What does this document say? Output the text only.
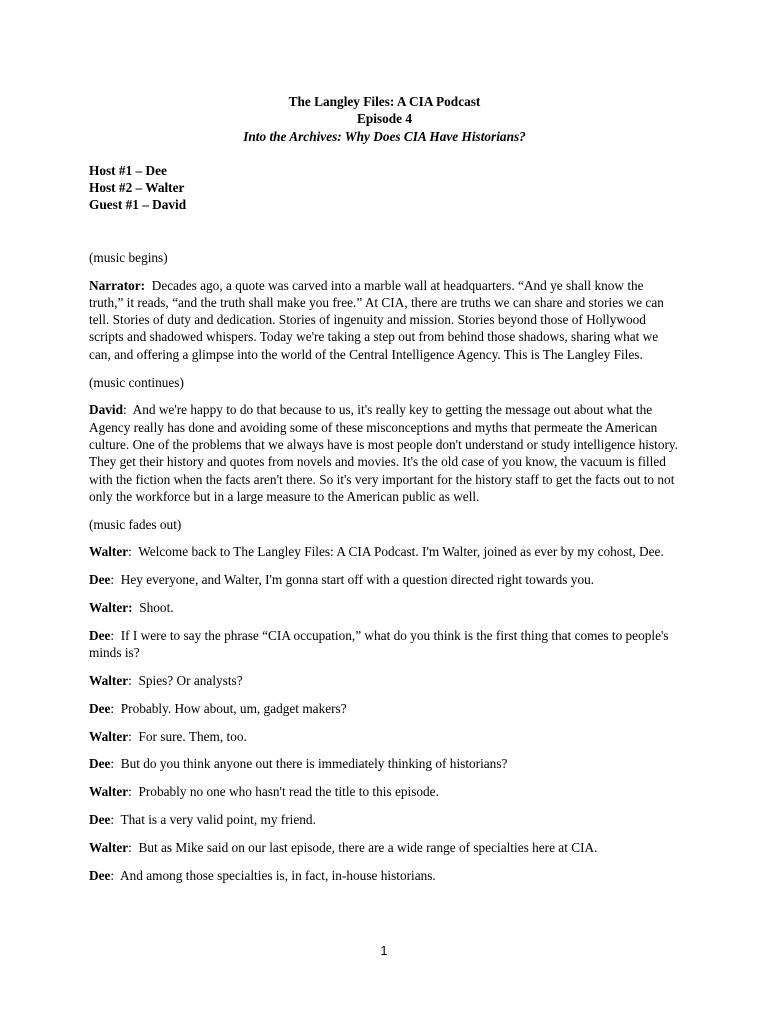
The Langley Files: A CIA Podcast
Episode 4
Into the Archives: Why Does CIA Have Historians?
Host #1 – Dee
Host #2 – Walter
Guest #1 – David

(music begins)

Narrator: Decades ago, a quote was carved into a marble wall at headquarters. “And ye shall know the truth,” it reads, “and the truth shall make you free.” At CIA, there are truths we can share and stories we can tell. Stories of duty and dedication. Stories of ingenuity and mission. Stories beyond those of Hollywood scripts and shadowed whispers. Today we're taking a step out from behind those shadows, sharing what we can, and offering a glimpse into the world of the Central Intelligence Agency. This is The Langley Files.

(music continues)

David:  And we're happy to do that because to us, it's really key to getting the message out about what the Agency really has done and avoiding some of these misconceptions and myths that permeate the American culture. One of the problems that we always have is most people don't understand or study intelligence history. They get their history and quotes from novels and movies. It's the old case of you know, the vacuum is filled with the fiction when the facts aren't there. So it's very important for the history staff to get the facts out to not only the workforce but in a large measure to the American public as well.

(music fades out)

Walter:  Welcome back to The Langley Files: A CIA Podcast. I'm Walter, joined as ever by my cohost, Dee.

Dee:  Hey everyone, and Walter, I'm gonna start off with a question directed right towards you.

Walter: Shoot.

Dee:  If I were to say the phrase “CIA occupation,” what do you think is the first thing that comes to people's minds is?

Walter:  Spies? Or analysts?

Dee:  Probably. How about, um, gadget makers?

Walter:  For sure. Them, too.

Dee:  But do you think anyone out there is immediately thinking of historians?

Walter:  Probably no one who hasn't read the title to this episode.

Dee:  That is a very valid point, my friend.

Walter:  But as Mike said on our last episode, there are a wide range of specialties here at CIA.

Dee:  And among those specialties is, in fact, in-house historians.

1
